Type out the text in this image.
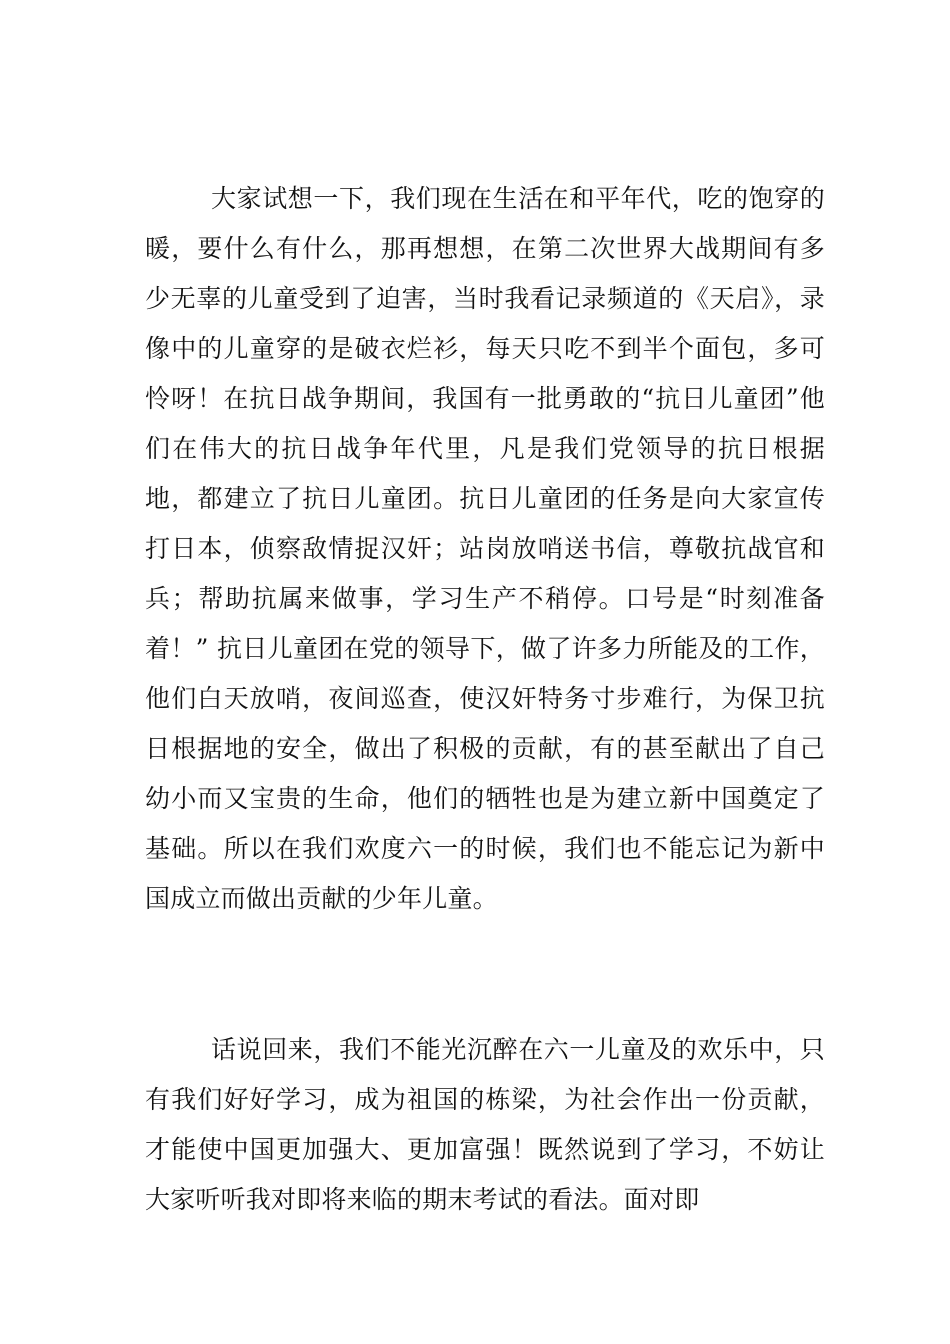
大家试想一下，我们现在生活在和平年代，吃的饱穿的暖，要什么有什么，那再想想，在第二次世界大战期间有多少无辜的儿童受到了迫害，当时我看记录频道的《天启》，录像中的儿童穿的是破衣烂衫，每天只吃不到半个面包，多可怜呀！在抗日战争期间，我国有一批勇敢的“抗日儿童团”他们在伟大的抗日战争年代里，凡是我们党领导的抗日根据地，都建立了抗日儿童团。抗日儿童团的任务是向大家宣传打日本，侦察敌情捉汉奸；站岗放哨送书信，尊敬抗战官和兵；帮助抗属来做事，学习生产不稍停。口号是“时刻准备着！” 抗日儿童团在党的领导下，做了许多力所能及的工作，他们白天放哨，夜间巡查，使汉奸特务寸步难行，为保卫抗日根据地的安全，做出了积极的贡献，有的甚至献出了自己幼小而又宝贵的生命，他们的牺牲也是为建立新中国奠定了基础。所以在我们欢度六一的时候，我们也不能忘记为新中国成立而做出贡献的少年儿童。

话说回来，我们不能光沉醉在六一儿童及的欢乐中，只有我们好好学习，成为祖国的栋梁，为社会作出一份贡献，才能使中国更加强大、更加富强！既然说到了学习，不妨让大家听听我对即将来临的期末考试的看法。面对即
